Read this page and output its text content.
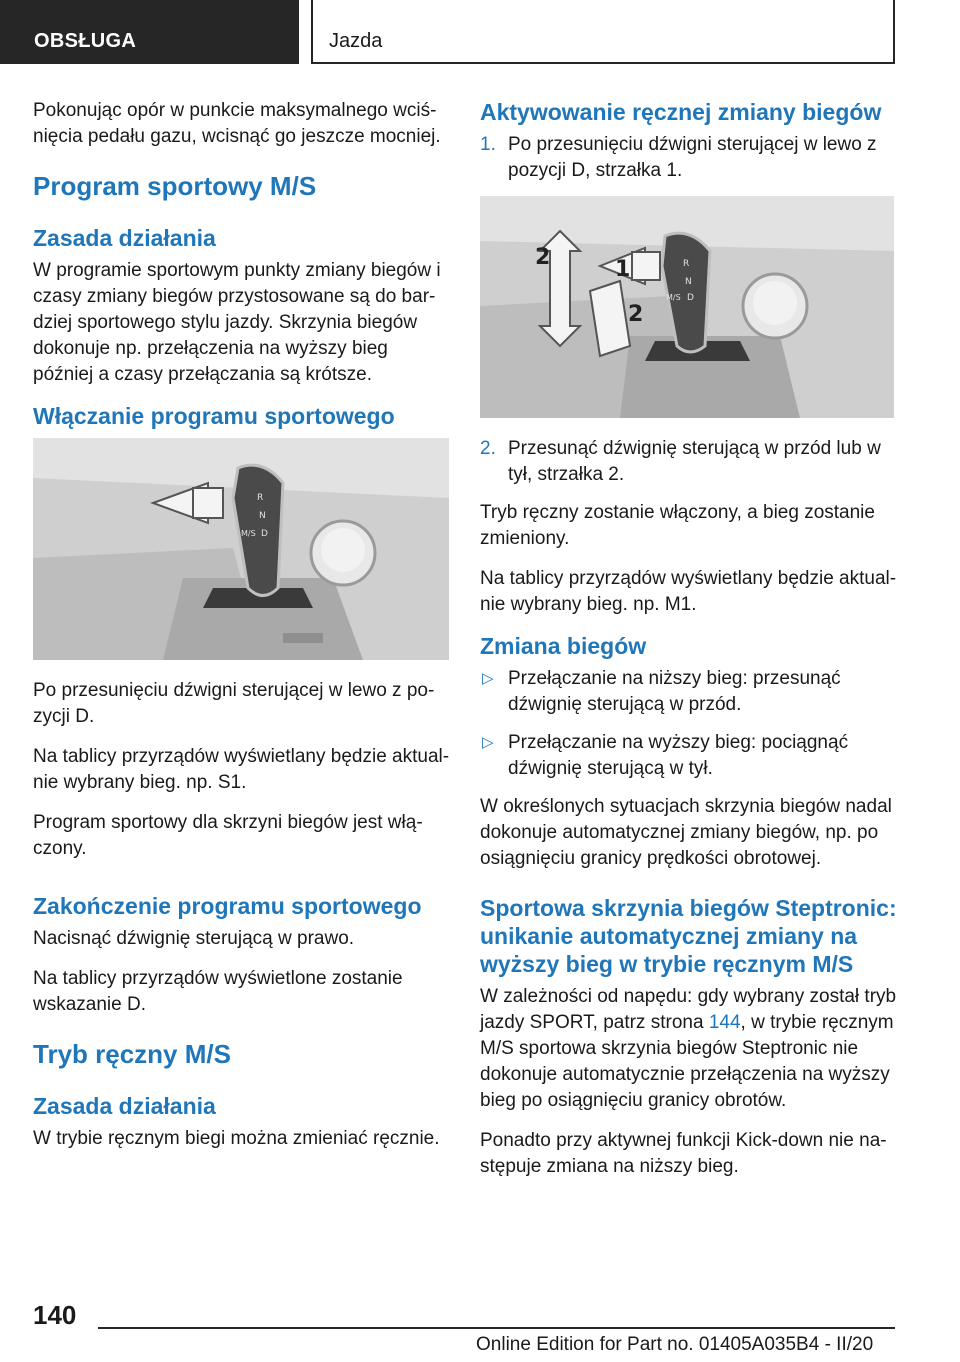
OBSŁUGA	Jazda

Pokonując opór w punkcie maksymalnego wciśnięcia pedału gazu, wcisnąć go jeszcze mocniej.

Program sportowy M/S
Zasada działania

W programie sportowym punkty zmiany biegów i czasy zmiany biegów przystosowane są do bardziej sportowego stylu jazdy. Skrzynia biegów dokonuje np. przełączenia na wyższy bieg później a czasy przełączania są krótsze.

Włączanie programu sportowego
R
N
D
M/S

Po przesunięciu dźwigni sterującej w lewo z pozycji D.

Na tablicy przyrządów wyświetlany będzie aktualnie wybrany bieg. np. S1.

Program sportowy dla skrzyni biegów jest włączony.

Zakończenie programu sportowego

Nacisnąć dźwignię sterującą w prawo.

Na tablicy przyrządów wyświetlone zostanie wskazanie D.

Tryb ręczny M/S
Zasada działania

W trybie ręcznym biegi można zmieniać ręcznie.

Aktywowanie ręcznej zmiany biegów
1. Po przesunięciu dźwigni sterującej w lewo z pozycji D, strzałka 1.
2	1
2
R
N
D
M/S
2. Przesunąć dźwignię sterującą w przód lub w tył, strzałka 2.

Tryb ręczny zostanie włączony, a bieg zostanie zmieniony.

Na tablicy przyrządów wyświetlany będzie aktualnie wybrany bieg. np. M1.

Zmiana biegów
▷ Przełączanie na niższy bieg: przesunąć dźwignię sterującą w przód.
▷ Przełączanie na wyższy bieg: pociągnąć dźwignię sterującą w tył.

W określonych sytuacjach skrzynia biegów nadal dokonuje automatycznej zmiany biegów, np. po osiągnięciu granicy prędkości obrotowej.

Sportowa skrzynia biegów Steptronic: unikanie automatycznej zmiany na wyższy bieg w trybie ręcznym M/S

W zależności od napędu: gdy wybrany został tryb jazdy SPORT, patrz strona 144, w trybie ręcznym M/S sportowa skrzynia biegów Steptronic nie dokonuje automatycznie przełączenia na wyższy bieg po osiągnięciu granicy obrotów.

Ponadto przy aktywnej funkcji Kick-down nie następuje zmiana na niższy bieg.

140
Online Edition for Part no. 01405A035B4 - II/20
